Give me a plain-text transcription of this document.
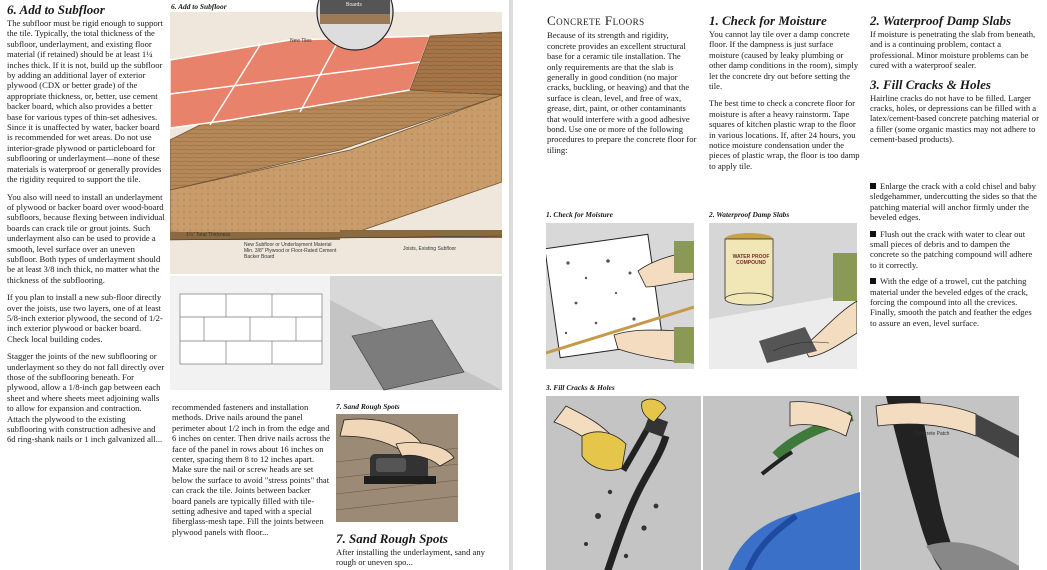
6. Add to Subfloor

The subfloor must be rigid enough to support the tile. Typically, the total thickness of the subfloor, underlayment, and existing floor material (if retained) should be at least 1¼ inches thick. If it is not, build up the subfloor by adding an additional layer of exterior plywood (CDX or better grade) of the appropriate thickness, or, better, use cement backer board, which also provides a better base for various types of thin-set adhesives. Since it is unaffected by water, backer board is recommended for wet areas. Do not use interior-grade plywood or particleboard for subflooring or underlayment—none of these materials is waterproof or generally provides the rigidity required to support the tile.

You also will need to install an underlayment of plywood or backer board over wood-board subfloors, because flexing between individual boards can crack tile or grout joints. Such underlayment also can be used to provide a smooth, level surface over an uneven subfloor. Both types of underlayment should be at least 3/8 inch thick, no matter what the thickness of the subflooring.

If you plan to install a new sub-floor directly over the joists, use two layers, one of at least 5/8-inch exterior plywood, the second of 1/2-inch exterior plywood or backer board. Check local building codes.

Stagger the joints of the new subflooring or underlayment so they do not fall directly over those of the subflooring beneath. For plywood, allow a 1/8-inch gap between each sheet and where sheets meet adjoining walls to allow for expansion and contraction. Attach the plywood to the existing subflooring with construction adhesive and 6d ring-shank nails or 1 inch galvanized all...

6. Add to Subfloor
New Tiles
Boards
1¼" Total Thickness
New Subfloor or Underlayment Material Min. 3/8" Plywood or Floor-Rated Cement Backer Board
Joists, Existing Subfloor

recommended fasteners and installation methods. Drive nails around the panel perimeter about 1/2 inch in from the edge and 6 inches on center. Then drive nails across the face of the panel in rows about 16 inches on center, spacing them 8 to 12 inches apart. Make sure the nail or screw heads are set below the surface to avoid "stress points" that can crack the tile. Joints between backer board panels are typically filled with tile-setting adhesive and taped with a special fiberglass-mesh tape. Fill the joints between plywood panels with floor...

7. Sand Rough Spots
7. Sand Rough Spots
After installing the underlayment, sand any rough or uneven spo...
Concrete Floors

Because of its strength and rigidity, concrete provides an excellent structural base for a ceramic tile installation. The only requirements are that the slab is generally in good condition (no major cracks, buckling, or heaving) and that the surface is clean, level, and free of wax, grease, dirt, paint, or other contaminants that would interfere with a good adhesive bond. Use one or more of the following procedures to prepare the concrete floor for tiling:

1. Check for Moisture

You cannot lay tile over a damp concrete floor. If the dampness is just surface moisture (caused by leaky plumbing or other damp conditions in the room), simply let the concrete dry out before setting the tile.

The best time to check a concrete floor for moisture is after a heavy rainstorm. Tape squares of kitchen plastic wrap to the floor in various locations. If, after 24 hours, you notice moisture condensation under the pieces of plastic wrap, the floor is too damp to apply tile.

2. Waterproof Damp Slabs

If moisture is penetrating the slab from beneath, and is a continuing problem, contact a professional. Minor moisture problems can be cured with a waterproof sealer.

3. Fill Cracks & Holes

Hairline cracks do not have to be filled. Larger cracks, holes, or depressions can be filled with a latex/cement-based concrete patching material or a filler (some organic mastics may not adhere to cement-based products).

Enlarge the crack with a cold chisel and baby sledgehammer, undercutting the sides so that the patching material will anchor firmly under the beveled edges.
Flush out the crack with water to clear out small pieces of debris and to dampen the concrete so the patching compound will adhere to it correctly.
With the edge of a trowel, cut the patching material under the beveled edges of the crack, forcing the compound into all the crevices. Finally, smooth the patch and feather the edges to assure an even, level surface.
1. Check for Moisture	2. Waterproof Damp Slabs
WATER PROOF COMPOUND
3. Fill Cracks & Holes
Concrete Patch
